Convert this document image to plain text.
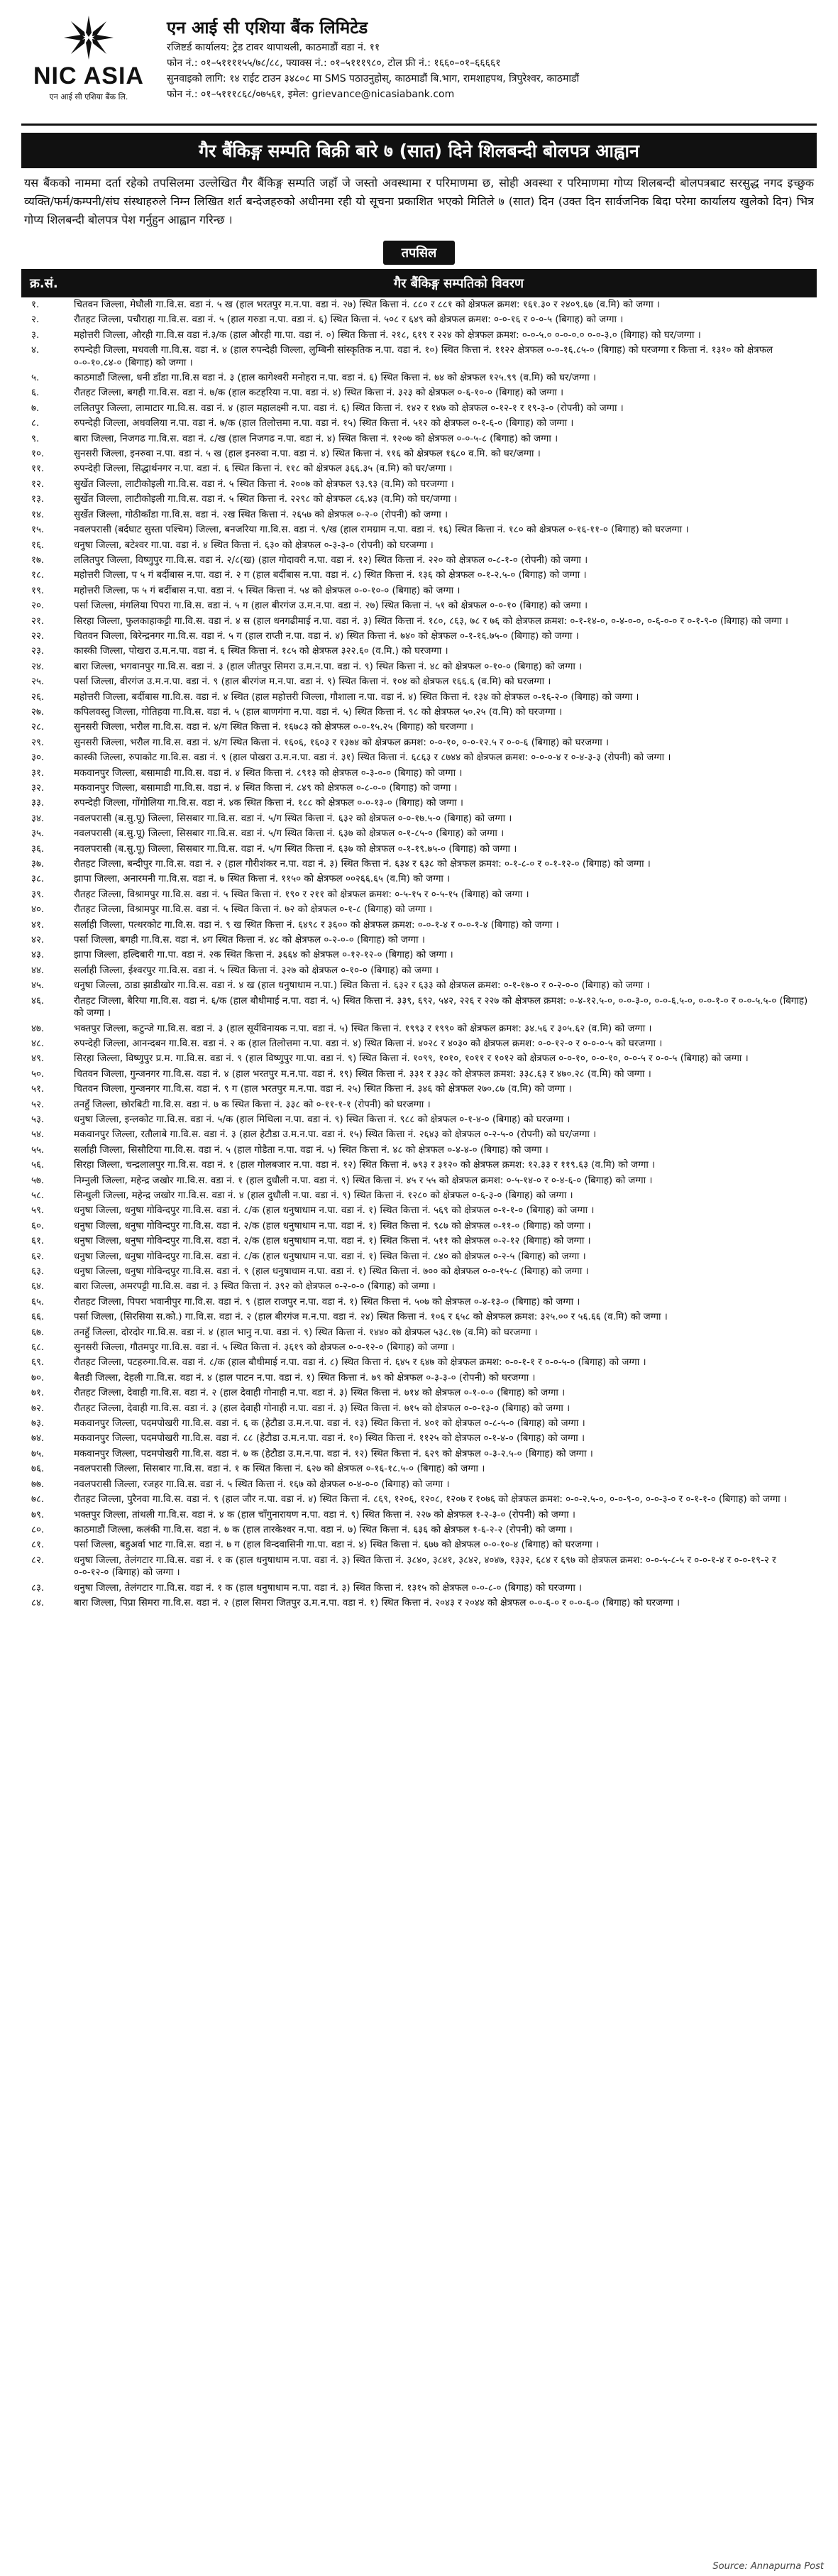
NIC ASIA
एन आई सी एशिया बैंक लि.
एन आई सी एशिया बैंक लिमिटेड
रजिष्टर्ड कार्यालय: ट्रेड टावर थापाथली, काठमाडौं वडा नं. ११
फोन नं.: ०१–५११११५५/७८/८८, फ्याक्स नं.: ०१–५१११९८०, टोल फ्री नं.: १६६०–०१–६६६६१
सुनवाइको लागि: १४ राईट टाउन ३४८०८ मा SMS पठाउनुहोस्, काठमाडौं बि.भाग, रामशाहपथ, त्रिपुरेश्वर, काठमाडौं
फोन नं.: ०१–५१११८६८/०७५६१, इमेल: grievance@nicasiabank.com
गैर बैंकिङ्ग सम्पति बिक्री बारे ७ (सात) दिने शिलबन्दी बोलपत्र आह्वान
यस बैंकको नाममा दर्ता रहेको तपसिलमा उल्लेखित गैर बैंकिङ्ग सम्पति जहाँ जे जस्तो अवस्थामा र परिमाणमा छ, सोही अवस्था र परिमाणमा गोप्य शिलबन्दी बोलपत्रबाट सरसुद्ध नगद इच्छुक व्यक्ति/फर्म/कम्पनी/संघ संस्थाहरुले निम्न लिखित शर्त बन्देजहरुको अधीनमा रही यो सूचना प्रकाशित भएको मितिले ७ (सात) दिन (उक्त दिन सार्वजनिक बिदा परेमा कार्यालय खुलेको दिन) भित्र गोप्य शिलबन्दी बोलपत्र पेश गर्नुहुन आह्वान गरिन्छ ।
तपसिल
क्र.सं.	गैर बैंकिङ्ग सम्पतिको विवरण
१.	चितवन जिल्ला, मेघौली गा.वि.स. वडा नं. ५ ख (हाल भरतपुर म.न.पा. वडा नं. २७) स्थित कित्ता नं. ८८० र ८८१ को क्षेत्रफल क्रमश: १६१.३० र २४०९.६७ (व.मि) को जग्गा ।
२.	रौतहट जिल्ला, पचौराहा गा.वि.स. वडा नं. ५ (हाल गरुडा न.पा. वडा नं. ६) स्थित कित्ता नं. ५०८ र ६४९ को क्षेत्रफल क्रमश: ०-०-१६ र ०-०-५ (बिगाह) को जग्गा ।
३.	महोत्तरी जिल्ला, औरही गा.वि.स वडा नं.३/क (हाल औरही गा.पा. वडा नं. ०) स्थित कित्ता नं. २१८, ६१९ र २२४ को क्षेत्रफल क्रमश: ०-०-५.० ०-०-०.० ०-०-३.० (बिगाह) को घर/जग्गा ।
४.	रुपन्देही जिल्ला, मधवली गा.वि.स. वडा नं. ४ (हाल रुपन्देही जिल्ला, लुम्बिनी सांस्कृतिक न.पा. वडा नं. १०) स्थित कित्ता नं. ११२२ क्षेत्रफल ०-०-१६.८५-० (बिगाह) को घरजग्गा र कित्ता नं. १३१० को क्षेत्रफल ०-०-१०.८४-० (बिगाह) को जग्गा ।
५.	काठमाडौं जिल्ला, धनी डाँडा गा.वि.स वडा नं. ३ (हाल कागेश्वरी मनोहरा न.पा. वडा नं. ६) स्थित कित्ता नं. ७४ को क्षेत्रफल १२५.९९ (व.मि) को घर/जग्गा ।
६.	रौतहट जिल्ला, बगही गा.वि.स. वडा नं. ७/क (हाल कटहरिया न.पा. वडा नं. ४) स्थित कित्ता नं. ३२३ को क्षेत्रफल ०-६-१०-० (बिगाह) को जग्गा ।
७.	ललितपुर जिल्ला, लामाटार गा.वि.स. वडा नं. ४ (हाल महालक्ष्मी न.पा. वडा नं. ६) स्थित कित्ता नं. १४२ र १४७ को क्षेत्रफल ०-१२-१ र १९-३-० (रोपनी) को जग्गा ।
८.	रुपन्देही जिल्ला, अधवलिया न.पा. वडा नं. ७/क (हाल तिलोत्तमा न.पा. वडा नं. १५) स्थित कित्ता नं. ५१२ को क्षेत्रफल ०-१-६-० (बिगाह) को जग्गा ।
९.	बारा जिल्ला, निजगढ गा.वि.स. वडा नं. ८/ख (हाल निजगढ न.पा. वडा नं. ४) स्थित कित्ता नं. १२०७ को क्षेत्रफल ०-०-५-८ (बिगाह) को जग्गा ।
१०.	सुनसरी जिल्ला, इनरुवा न.पा. वडा नं. ५ ख (हाल इनरुवा न.पा. वडा नं. ४) स्थित कित्ता नं. ११६ को क्षेत्रफल १६८० व.मि. को घर/जग्गा ।
११.	रुपन्देही जिल्ला, सिद्धार्थनगर न.पा. वडा नं. ६ स्थित कित्ता नं. ११८ को क्षेत्रफल ३६६.३५ (व.मि) को घर/जग्गा ।
१२.	सुर्खेत जिल्ला, लाटीकोइली गा.वि.स. वडा नं. ५ स्थित कित्ता नं. २००७ को क्षेत्रफल ९३.९३ (व.मि) को घरजग्गा ।
१३.	सुर्खेत जिल्ला, लाटीकोइली गा.वि.स. वडा नं. ५ स्थित कित्ता नं. २२९८ को क्षेत्रफल ८६.४३ (व.मि) को घर/जग्गा ।
१४.	सुर्खेत जिल्ला, गोठीकाँडा गा.वि.स. वडा नं. २ख स्थित कित्ता नं. २६५७ को क्षेत्रफल ०-२-० (रोपनी) को जग्गा ।
१५.	नवलपरासी (बर्दघाट सुस्ता पश्चिम) जिल्ला, बनजरिया गा.वि.स. वडा नं. ९/ख (हाल रामग्राम न.पा. वडा नं. १६) स्थित कित्ता नं. १८० को क्षेत्रफल ०-१६-११-० (बिगाह) को घरजग्गा ।
१६.	धनुषा जिल्ला, बटेश्वर गा.पा. वडा नं. ४ स्थित कित्ता नं. ६३० को क्षेत्रफल ०-३-३-० (रोपनी) को घरजग्गा ।
१७.	ललितपुर जिल्ला, विष्णुपुर गा.वि.स. वडा नं. २/८(ख) (हाल गोदावरी न.पा. वडा नं. १२) स्थित कित्ता नं. २२० को क्षेत्रफल ०-८-१-० (रोपनी) को जग्गा ।
१८.	महोत्तरी जिल्ला, प ५ गं बर्दीबास न.पा. वडा नं. २ ग (हाल बर्दीबास न.पा. वडा नं. ८) स्थित कित्ता नं. १३६ को क्षेत्रफल ०-१-२.५-० (बिगाह) को जग्गा ।
१९.	महोत्तरी जिल्ला, फ ५ गं बर्दीबास न.पा. वडा नं. ५ स्थित कित्ता नं. ५४ को क्षेत्रफल ०-०-१०-० (बिगाह) को जग्गा ।
२०.	पर्सा जिल्ला, मंगलिया पिपरा गा.वि.स. वडा नं. ५ ग (हाल बीरगंज उ.म.न.पा. वडा नं. २७) स्थित कित्ता नं. ५१ को क्षेत्रफल ०-०-१० (बिगाह) को जग्गा ।
२१.	सिरहा जिल्ला, फुलकाहाकट्टी गा.वि.स. वडा नं. ४ स (हाल धनगढीमाई न.पा. वडा नं. ३) स्थित कित्ता नं. १८०, ८६३, ७८ र ७६ को क्षेत्रफल क्रमश: ०-१-१४-०, ०-४-०-०, ०-६-०-० र ०-१-९-० (बिगाह) को जग्गा ।
२२.	चितवन जिल्ला, बिरेन्द्रनगर गा.वि.स. वडा नं. ५ ग (हाल राप्ती न.पा. वडा नं. ४) स्थित कित्ता नं. ७४० को क्षेत्रफल ०-१-१६.७५-० (बिगाह) को जग्गा ।
२३.	कास्की जिल्ला, पोखरा उ.म.न.पा. वडा नं. ६ स्थित कित्ता नं. १८५ को क्षेत्रफल ३२२.६० (व.मि.) को घरजग्गा ।
२४.	बारा जिल्ला, भगवानपुर गा.वि.स. वडा नं. ३ (हाल जीतपुर सिमरा उ.म.न.पा. वडा नं. ९) स्थित कित्ता नं. ४८ को क्षेत्रफल ०-१०-० (बिगाह) को जग्गा ।
२५.	पर्सा जिल्ला, वीरगंज उ.म.न.पा. वडा नं. ९ (हाल बीरगंज म.न.पा. वडा नं. ९) स्थित कित्ता नं. १०४ को क्षेत्रफल १६६.६ (व.मि) को घरजग्गा ।
२६.	महोत्तरी जिल्ला, बर्दीबास गा.वि.स. वडा नं. ४ स्थित (हाल महोत्तरी जिल्ला, गौशाला न.पा. वडा नं. ४) स्थित कित्ता नं. १३४ को क्षेत्रफल ०-१६-२-० (बिगाह) को जग्गा ।
२७.	कपिलवस्तु जिल्ला, गोतिहवा गा.वि.स. वडा नं. ५ (हाल बाणगंगा न.पा. वडा नं. ५) स्थित कित्ता नं. ९८ को क्षेत्रफल ५०.२५ (व.मि) को घरजग्गा ।
२८.	सुनसरी जिल्ला, भरौल गा.वि.स. वडा नं. ४/ग स्थित कित्ता नं. १६७८३ को क्षेत्रफल ०-०-१५.२५ (बिगाह) को घरजग्गा ।
२९.	सुनसरी जिल्ला, भरौल गा.वि.स. वडा नं. ४/ग स्थित कित्ता नं. १६०६, १६०३ र १३७४ को क्षेत्रफल क्रमश: ०-०-१०, ०-०-१२.५ र ०-०-६ (बिगाह) को घरजग्गा ।
३०.	कास्की जिल्ला, रुपाकोट गा.वि.स. वडा नं. ९ (हाल पोखरा उ.म.न.पा. वडा नं. ३१) स्थित कित्ता नं. ६८६३ र ८७४४ को क्षेत्रफल क्रमश: ०-०-०-४ र ०-४-३-३ (रोपनी) को जग्गा ।
३१.	मकवानपुर जिल्ला, बसामाडी गा.वि.स. वडा नं. ४ स्थित कित्ता नं. ८९१३ को क्षेत्रफल ०-३-०-० (बिगाह) को जग्गा ।
३२.	मकवानपुर जिल्ला, बसामाडी गा.वि.स. वडा नं. ४ स्थित कित्ता नं. ८४९ को क्षेत्रफल ०-८-०-० (बिगाह) को जग्गा ।
३३.	रुपन्देही जिल्ला, गोंगोलिया गा.वि.स. वडा नं. ४क स्थित कित्ता नं. १८८ को क्षेत्रफल ०-०-१३-० (बिगाह) को जग्गा ।
३४.	नवलपरासी (ब.सु.पू) जिल्ला, सिसबार गा.वि.स. वडा नं. ५/ग स्थित कित्ता नं. ६३२ को क्षेत्रफल ०-०-१७.५-० (बिगाह) को जग्गा ।
३५.	नवलपरासी (ब.सु.पू) जिल्ला, सिसबार गा.वि.स. वडा नं. ५/ग स्थित कित्ता नं. ६३७ को क्षेत्रफल ०-१-८५-० (बिगाह) को जग्गा ।
३६.	नवलपरासी (ब.सु.पू) जिल्ला, सिसबार गा.वि.स. वडा नं. ५/ग स्थित कित्ता नं. ६३७ को क्षेत्रफल ०-१-१९.७५-० (बिगाह) को जग्गा ।
३७.	रौतहट जिल्ला, बन्दीपुर गा.वि.स. वडा नं. २ (हाल गौरीशंकर न.पा. वडा नं. ३) स्थित कित्ता नं. ६३४ र ६३८ को क्षेत्रफल क्रमश: ०-१-८-० र ०-१-१२-० (बिगाह) को जग्गा ।
३८.	झापा जिल्ला, अनारमनी गा.वि.स. वडा नं. ७ स्थित कित्ता नं. ११५० को क्षेत्रफल ००२६६.६५ (व.मि) को जग्गा ।
३९.	रौतहट जिल्ला, विश्रामपुर गा.वि.स. वडा नं. ५ स्थित कित्ता नं. १९० र २११ को क्षेत्रफल क्रमश: ०-५-१५ र ०-५-१५ (बिगाह) को जग्गा ।
४०.	रौतहट जिल्ला, विश्रामपुर गा.वि.स. वडा नं. ५ स्थित कित्ता नं. ७२ को क्षेत्रफल ०-१-८ (बिगाह) को जग्गा ।
४१.	सर्लाही जिल्ला, पत्थरकोट गा.वि.स. वडा नं. ९ ख स्थित कित्ता नं. ६४९८ र ३६०० को क्षेत्रफल क्रमश: ०-०-१-४ र ०-०-१-४ (बिगाह) को जग्गा ।
४२.	पर्सा जिल्ला, बगही गा.वि.स. वडा नं. ४ग स्थित कित्ता नं. ४८ को क्षेत्रफल ०-२-०-० (बिगाह) को जग्गा ।
४३.	झापा जिल्ला, हल्दिबारी गा.पा. वडा नं. २क स्थित कित्ता नं. ३६६४ को क्षेत्रफल ०-१२-१२-० (बिगाह) को जग्गा ।
४४.	सर्लाही जिल्ला, ईश्वरपुर गा.वि.स. वडा नं. ५ स्थित कित्ता नं. ३२७ को क्षेत्रफल ०-१०-० (बिगाह) को जग्गा ।
४५.	धनुषा जिल्ला, ठाडा झाडीखोर गा.वि.स. वडा नं. ४ ख (हाल धनुषाधाम न.पा.) स्थित कित्ता नं. ६३२ र ६३३ को क्षेत्रफल क्रमश: ०-१-१७-० र ०-२-०-० (बिगाह) को जग्गा ।
४६.	रौतहट जिल्ला, बैरिया गा.वि.स. वडा नं. ६/क (हाल बौधीमाई न.पा. वडा नं. ५) स्थित कित्ता नं. ३३९, ६९२, ५४२, २२६ र २२७ को क्षेत्रफल क्रमश: ०-४-१२.५-०, ०-०-३-०, ०-०-६.५-०, ०-०-१-० र ०-०-५.५-० (बिगाह) को जग्गा ।
४७.	भक्तपुर जिल्ला, कटुन्जे गा.वि.स. वडा नं. ३ (हाल सूर्यविनायक न.पा. वडा नं. ५) स्थित कित्ता नं. १९९३ र १९९० को क्षेत्रफल क्रमश: ३४.५६ र ३०५.६२ (व.मि) को जग्गा ।
४८.	रुपन्देही जिल्ला, आनन्दबन गा.वि.स. वडा नं. २ क (हाल तिलोत्तमा न.पा. वडा नं. ४) स्थित कित्ता नं. ४०२८ र ४०३० को क्षेत्रफल क्रमश: ०-०-१२-० र ०-०-०-५ को घरजग्गा ।
४९.	सिरहा जिल्ला, विष्णुपुर प्र.म. गा.वि.स. वडा नं. ९ (हाल विष्णुपुर गा.पा. वडा नं. ९) स्थित कित्ता नं. १०९९, १०१०, १०११ र १०१२ को क्षेत्रफल ०-०-१०, ०-०-१०, ०-०-५ र ०-०-५ (बिगाह) को जग्गा ।
५०.	चितवन जिल्ला, गुन्जनगर गा.वि.स. वडा नं. ४ (हाल भरतपुर म.न.पा. वडा नं. १९) स्थित कित्ता नं. ३३१ र ३३८ को क्षेत्रफल क्रमश: ३३८.६३ र ४७०.२८ (व.मि) को जग्गा ।
५१.	चितवन जिल्ला, गुन्जनगर गा.वि.स. वडा नं. ९ ग (हाल भरतपुर म.न.पा. वडा नं. २५) स्थित कित्ता नं. ३४६ को क्षेत्रफल २७०.८७ (व.मि) को जग्गा ।
५२.	तनहुँ जिल्ला, छोरबिटी गा.वि.स. वडा नं. ७ क स्थित कित्ता नं. ३३८ को ०-११-१-१ (रोपनी) को घरजग्गा ।
५३.	धनुषा जिल्ला, इन्लकोट गा.वि.स. वडा नं. ५/क (हाल मिथिला न.पा. वडा नं. ९) स्थित कित्ता नं. ९८८ को क्षेत्रफल ०-१-४-० (बिगाह) को घरजग्गा ।
५४.	मकवानपुर जिल्ला, रतौलाबे गा.वि.स. वडा नं. ३ (हाल हेटौडा उ.म.न.पा. वडा नं. १५) स्थित कित्ता नं. २६४३ को क्षेत्रफल ०-२-५-० (रोपनी) को घर/जग्गा ।
५५.	सर्लाही जिल्ला, सिसौटिया गा.वि.स. वडा नं. ५ (हाल गोडैता न.पा. वडा नं. ५) स्थित कित्ता नं. ४८ को क्षेत्रफल ०-४-४-० (बिगाह) को जग्गा ।
५६.	सिरहा जिल्ला, चन्द्रलालपुर गा.वि.स. वडा नं. १ (हाल गोलबजार न.पा. वडा नं. १२) स्थित कित्ता नं. ७९३ र ३१२० को क्षेत्रफल क्रमश: १२.३३ र ११९.६३ (व.मि) को जग्गा ।
५७.	निम्नुली जिल्ला, महेन्द्र जखोर गा.वि.स. वडा नं. १ (हाल दुधौली न.पा. वडा नं. ९) स्थित कित्ता नं. ४५ र ५५ को क्षेत्रफल क्रमश: ०-५-१४-० र ०-४-६-० (बिगाह) को जग्गा ।
५८.	सिन्धुली जिल्ला, महेन्द्र जखोर गा.वि.स. वडा नं. ४ (हाल दुधौली न.पा. वडा नं. ९) स्थित कित्ता नं. १२८० को क्षेत्रफल ०-६-३-० (बिगाह) को जग्गा ।
५९.	धनुषा जिल्ला, धनुषा गोविन्दपुर गा.वि.स. वडा नं. ८/क (हाल धनुषाधाम न.पा. वडा नं. १) स्थित कित्ता नं. ५६९ को क्षेत्रफल ०-१-१-० (बिगाह) को जग्गा ।
६०.	धनुषा जिल्ला, धनुषा गोविन्दपुर गा.वि.स. वडा नं. २/क (हाल धनुषाधाम न.पा. वडा नं. १) स्थित कित्ता नं. ९८७ को क्षेत्रफल ०-११-० (बिगाह) को जग्गा ।
६१.	धनुषा जिल्ला, धनुषा गोविन्दपुर गा.वि.स. वडा नं. २/क (हाल धनुषाधाम न.पा. वडा नं. १) स्थित कित्ता नं. ५११ को क्षेत्रफल ०-२-१२ (बिगाह) को जग्गा ।
६२.	धनुषा जिल्ला, धनुषा गोविन्दपुर गा.वि.स. वडा नं. ८/क (हाल धनुषाधाम न.पा. वडा नं. १) स्थित कित्ता नं. ८४० को क्षेत्रफल ०-२-५ (बिगाह) को जग्गा ।
६३.	धनुषा जिल्ला, धनुषा गोविन्दपुर गा.वि.स. वडा नं. ९ (हाल धनुषाधाम न.पा. वडा नं. १) स्थित कित्ता नं. ७०० को क्षेत्रफल ०-०-१५-८ (बिगाह) को जग्गा ।
६४.	बारा जिल्ला, अमरपट्टी गा.वि.स. वडा नं. ३ स्थित कित्ता नं. ३९२ को क्षेत्रफल ०-२-०-० (बिगाह) को जग्गा ।
६५.	रौतहट जिल्ला, पिपरा भवानीपुर गा.वि.स. वडा नं. ९ (हाल राजपुर न.पा. वडा नं. १) स्थित कित्ता नं. ५०७ को क्षेत्रफल ०-४-१३-० (बिगाह) को जग्गा ।
६६.	पर्सा जिल्ला, (सिरसिया स.को.) गा.वि.स. वडा नं. २ (हाल बीरगंज म.न.पा. वडा नं. २४) स्थित कित्ता नं. १०६ र ६५८ को क्षेत्रफल क्रमश: ३२५.०० र ५६.६६ (व.मि) को जग्गा ।
६७.	तनहुँ जिल्ला, दोरदोर गा.वि.स. वडा नं. ४ (हाल भानु न.पा. वडा नं. ९) स्थित कित्ता नं. १४४० को क्षेत्रफल ५३८.१७ (व.मि) को घरजग्गा ।
६८.	सुनसरी जिल्ला, गौतमपुर गा.वि.स. वडा नं. ५ स्थित कित्ता नं. ३६१९ को क्षेत्रफल ०-०-१२-० (बिगाह) को जग्गा ।
६९.	रौतहट जिल्ला, पटहरुगा.वि.स. वडा नं. ८/क (हाल बौधीमाई न.पा. वडा नं. ८) स्थित कित्ता नं. ६४५ र ६४७ को क्षेत्रफल क्रमश: ०-०-१-१ र ०-०-५-० (बिगाह) को जग्गा ।
७०.	बैतडी जिल्ला, देहली गा.वि.स. वडा नं. ४ (हाल पाटन न.पा. वडा नं. १) स्थित कित्ता नं. ७९ को क्षेत्रफल ०-३-३-० (रोपनी) को घरजग्गा ।
७१.	रौतहट जिल्ला, देवाही गा.वि.स. वडा नं. २ (हाल देवाही गोनाही न.पा. वडा नं. ३) स्थित कित्ता नं. ७१४ को क्षेत्रफल ०-१-०-० (बिगाह) को जग्गा ।
७२.	रौतहट जिल्ला, देवाही गा.वि.स. वडा नं. ३ (हाल देवाही गोनाही न.पा. वडा नं. ३) स्थित कित्ता नं. ७१५ को क्षेत्रफल ०-०-१३-० (बिगाह) को जग्गा ।
७३.	मकवानपुर जिल्ला, पदमपोखरी गा.वि.स. वडा नं. ६ क (हेटौडा उ.म.न.पा. वडा नं. १३) स्थित कित्ता नं. ४०१ को क्षेत्रफल ०-८-५-० (बिगाह) को जग्गा ।
७४.	मकवानपुर जिल्ला, पदमपोखरी गा.वि.स. वडा नं. ८८ (हेटौडा उ.म.न.पा. वडा नं. १०) स्थित कित्ता नं. ११२५ को क्षेत्रफल ०-१-४-० (बिगाह) को जग्गा ।
७५.	मकवानपुर जिल्ला, पदमपोखरी गा.वि.स. वडा नं. ७ क (हेटौडा उ.म.न.पा. वडा नं. १२) स्थित कित्ता नं. ६२९ को क्षेत्रफल ०-३-२.५-० (बिगाह) को जग्गा ।
७६.	नवलपरासी जिल्ला, सिसबार गा.वि.स. वडा नं. १ क स्थित कित्ता नं. ६२७ को क्षेत्रफल ०-१६-१८.५-० (बिगाह) को जग्गा ।
७७.	नवलपरासी जिल्ला, रजहर गा.वि.स. वडा नं. ५ स्थित कित्ता नं. १६७ को क्षेत्रफल ०-४-०-० (बिगाह) को जग्गा ।
७८.	रौतहट जिल्ला, पुरैनवा गा.वि.स. वडा नं. ९ (हाल जौर न.पा. वडा नं. ४) स्थित कित्ता नं. ८६९, १२०६, १२०८, १२०७ र १०७६ को क्षेत्रफल क्रमश: ०-०-२.५-०, ०-०-९-०, ०-०-३-० र ०-१-१-० (बिगाह) को जग्गा ।
७९.	भक्तपुर जिल्ला, तांथली गा.वि.स. वडा नं. ४ क (हाल चाँगुनारायण न.पा. वडा नं. ९) स्थित कित्ता नं. २२७ को क्षेत्रफल १-२-३-० (रोपनी) को जग्गा ।
८०.	काठमाडौं जिल्ला, कलंकी गा.वि.स. वडा नं. ७ क (हाल तारकेश्वर न.पा. वडा नं. ७) स्थित कित्ता नं. ६३६ को क्षेत्रफल १-६-२-२ (रोपनी) को जग्गा ।
८१.	पर्सा जिल्ला, बहुअर्वा भाट गा.वि.स. वडा नं. ७ ग (हाल विन्दवासिनी गा.पा. वडा नं. ४) स्थित कित्ता नं. ६७७ को क्षेत्रफल ०-०-१०-४ (बिगाह) को घरजग्गा ।
८२.	धनुषा जिल्ला, तेलंगटार गा.वि.स. वडा नं. १ क (हाल धनुषाधाम न.पा. वडा नं. ३) स्थित कित्ता नं. ३८४०, ३८४१, ३८४२, ४०४७, १३३२, ६८४ र ६९७ को क्षेत्रफल क्रमश: ०-०-५-८-५ र ०-०-१-४ र ०-०-१९-२ र ०-०-१२-० (बिगाह) को जग्गा ।
८३.	धनुषा जिल्ला, तेलंगटार गा.वि.स. वडा नं. १ क (हाल धनुषाधाम न.पा. वडा नं. ३) स्थित कित्ता नं. १३१५ को क्षेत्रफल ०-०-८-० (बिगाह) को घरजग्गा ।
८४.	बारा जिल्ला, पिप्रा सिमरा गा.वि.स. वडा नं. २ (हाल सिमरा जितपुर उ.म.न.पा. वडा नं. १) स्थित कित्ता नं. २०४३ र २०४४ को क्षेत्रफल ०-०-६-० र ०-०-६-० (बिगाह) को घरजग्गा ।
Source: Annapurna Post
